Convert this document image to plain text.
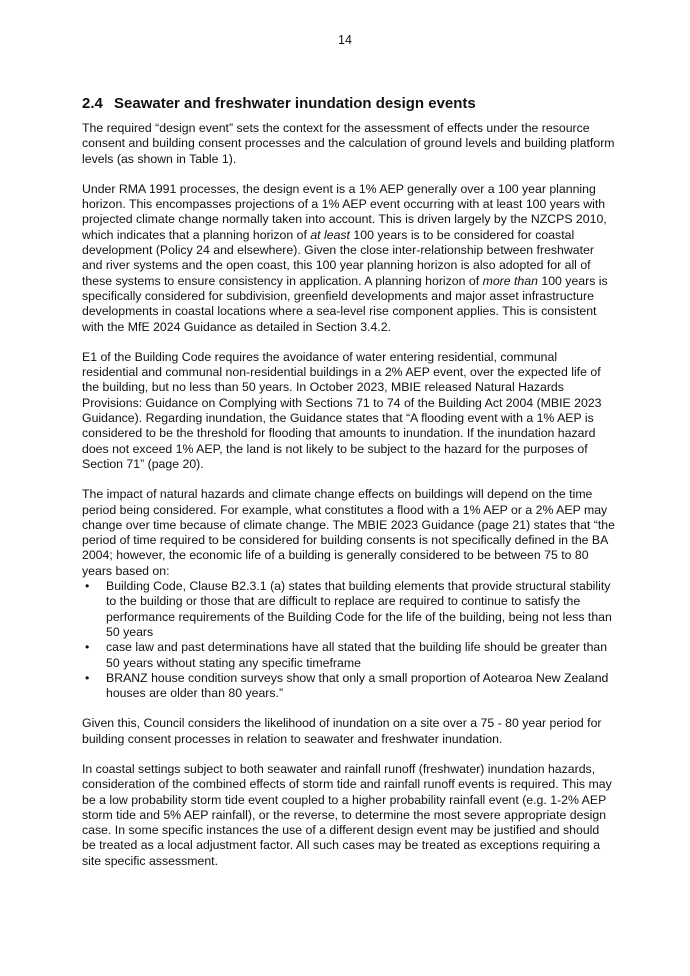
14
2.4 Seawater and freshwater inundation design events

The required “design event” sets the context for the assessment of effects under the resource consent and building consent processes and the calculation of ground levels and building platform levels (as shown in Table 1).

Under RMA 1991 processes, the design event is a 1% AEP generally over a 100 year planning horizon. This encompasses projections of a 1% AEP event occurring with at least 100 years with projected climate change normally taken into account. This is driven largely by the NZCPS 2010, which indicates that a planning horizon of at least 100 years is to be considered for coastal development (Policy 24 and elsewhere). Given the close inter-relationship between freshwater and river systems and the open coast, this 100 year planning horizon is also adopted for all of these systems to ensure consistency in application. A planning horizon of more than 100 years is specifically considered for subdivision, greenfield developments and major asset infrastructure developments in coastal locations where a sea-level rise component applies. This is consistent with the MfE 2024 Guidance as detailed in Section 3.4.2.

E1 of the Building Code requires the avoidance of water entering residential, communal residential and communal non-residential buildings in a 2% AEP event, over the expected life of the building, but no less than 50 years. In October 2023, MBIE released Natural Hazards Provisions: Guidance on Complying with Sections 71 to 74 of the Building Act 2004 (MBIE 2023 Guidance). Regarding inundation, the Guidance states that “A flooding event with a 1% AEP is considered to be the threshold for flooding that amounts to inundation. If the inundation hazard does not exceed 1% AEP, the land is not likely to be subject to the hazard for the purposes of Section 71” (page 20).

The impact of natural hazards and climate change effects on buildings will depend on the time period being considered. For example, what constitutes a flood with a 1% AEP or a 2% AEP may change over time because of climate change. The MBIE 2023 Guidance (page 21) states that “the period of time required to be considered for building consents is not specifically defined in the BA 2004; however, the economic life of a building is generally considered to be between 75 to 80 years based on:

• Building Code, Clause B2.3.1 (a) states that building elements that provide structural stability to the building or those that are difficult to replace are required to continue to satisfy the performance requirements of the Building Code for the life of the building, being not less than 50 years
• case law and past determinations have all stated that the building life should be greater than 50 years without stating any specific timeframe
• BRANZ house condition surveys show that only a small proportion of Aotearoa New Zealand houses are older than 80 years.”

Given this, Council considers the likelihood of inundation on a site over a 75 - 80 year period for building consent processes in relation to seawater and freshwater inundation.

In coastal settings subject to both seawater and rainfall runoff (freshwater) inundation hazards, consideration of the combined effects of storm tide and rainfall runoff events is required. This may be a low probability storm tide event coupled to a higher probability rainfall event (e.g. 1-2% AEP storm tide and 5% AEP rainfall), or the reverse, to determine the most severe appropriate design case. In some specific instances the use of a different design event may be justified and should be treated as a local adjustment factor. All such cases may be treated as exceptions requiring a site specific assessment.
